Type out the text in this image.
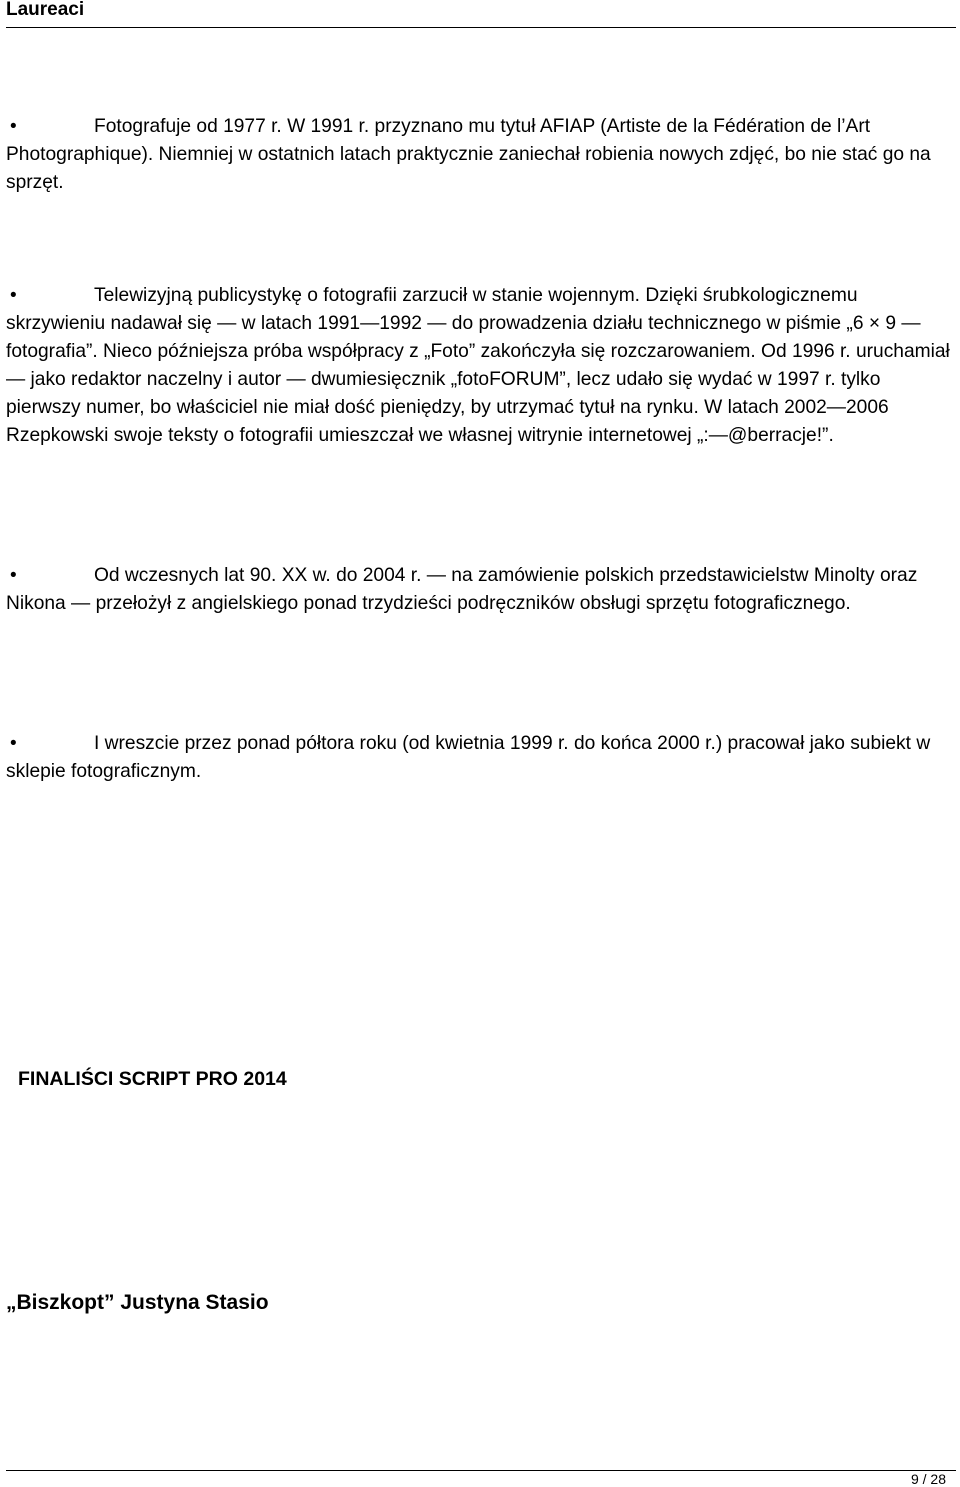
Laureaci
•	Fotografuje od 1977 r. W 1991 r. przyznano mu tytuł AFIAP (Artiste de la Fédération de l’Art Photographique). Niemniej w ostatnich latach praktycznie zaniechał robienia nowych zdjęć, bo nie stać go na sprzęt.

•	Telewizyjną publicystykę o fotografii zarzucił w stanie wojennym. Dzięki śrubkologicznemu skrzywieniu nadawał się — w latach 1991—1992 — do prowadzenia działu technicznego w piśmie „6 × 9 — fotografia”. Nieco późniejsza próba współpracy z „Foto” zakończyła się rozczarowaniem. Od 1996 r. uruchamiał — jako redaktor naczelny i autor — dwumiesięcznik „fotoFORUM”, lecz udało się wydać w 1997 r. tylko pierwszy numer, bo właściciel nie miał dość pieniędzy, by utrzymać tytuł na rynku. W latach 2002—2006 Rzepkowski swoje teksty o fotografii umieszczał we własnej witrynie internetowej „:—@berracje!”.

•	Od wczesnych lat 90. XX w. do 2004 r. — na zamówienie polskich przedstawicielstw Minolty oraz Nikona — przełożył z angielskiego ponad trzydzieści podręczników obsługi sprzętu fotograficznego.

•	I wreszcie przez ponad półtora roku (od kwietnia 1999 r. do końca 2000 r.) pracował jako subiekt w sklepie fotograficznym.

FINALIŚCI SCRIPT PRO 2014
„Biszkopt” Justyna Stasio
9 / 28
